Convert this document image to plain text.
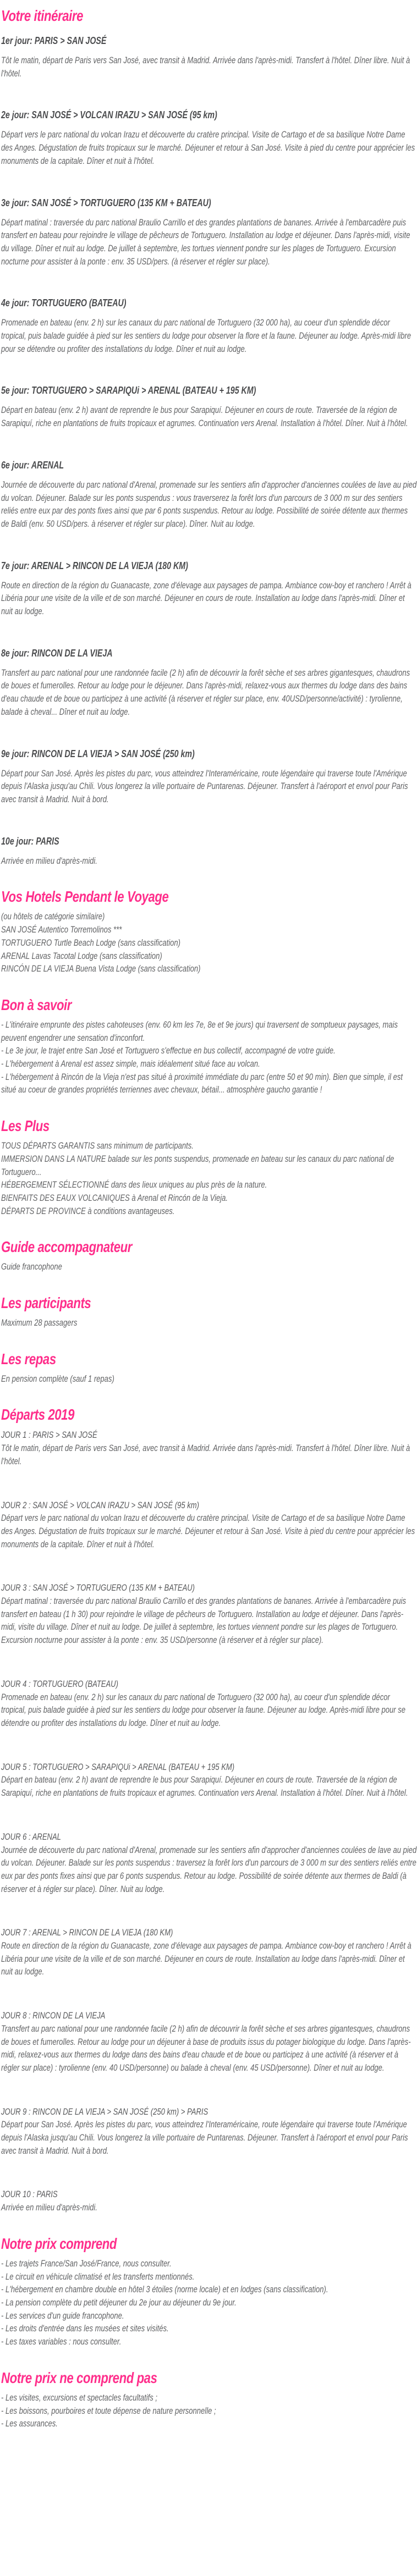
Votre itinéraire
1er jour: PARIS > SAN JOSÉ

Tôt le matin, départ de Paris vers San José, avec transit à Madrid. Arrivée dans l'après-midi. Transfert à l'hôtel. Dîner libre. Nuit à l'hôtel.

2e jour: SAN JOSÉ > VOLCAN IRAZU > SAN JOSÉ (95 km)

Départ vers le parc national du volcan Irazu et découverte du cratère principal. Visite de Cartago et de sa basilique Notre Dame des Anges. Dégustation de fruits tropicaux sur le marché. Déjeuner et retour à San José. Visite à pied du centre pour apprécier les monuments de la capitale. Dîner et nuit à l'hôtel.

3e jour: SAN JOSÉ > TORTUGUERO (135 KM + BATEAU)

Départ matinal : traversée du parc national Braulio Carrillo et des grandes plantations de bananes. Arrivée à l'embarcadère puis transfert en bateau pour rejoindre le village de pêcheurs de Tortuguero. Installation au lodge et déjeuner. Dans l'après-midi, visite du village. Dîner et nuit au lodge. De juillet à septembre, les tortues viennent pondre sur les plages de Tortuguero. Excursion nocturne pour assister à la ponte : env. 35 USD/pers. (à réserver et régler sur place).

4e jour: TORTUGUERO (BATEAU)

Promenade en bateau (env. 2 h) sur les canaux du parc national de Tortuguero (32 000 ha), au coeur d'un splendide décor tropical, puis balade guidée à pied sur les sentiers du lodge pour observer la flore et la faune. Déjeuner au lodge. Après-midi libre pour se détendre ou profiter des installations du lodge. Dîner et nuit au lodge.

5e jour: TORTUGUERO > SARAPIQUi > ARENAL (BATEAU + 195 KM)

Départ en bateau (env. 2 h) avant de reprendre le bus pour Sarapiquí. Déjeuner en cours de route. Traversée de la région de Sarapiquí, riche en plantations de fruits tropicaux et agrumes. Continuation vers Arenal. Installation à l'hôtel. Dîner. Nuit à l'hôtel.

6e jour: ARENAL

Journée de découverte du parc national d'Arenal, promenade sur les sentiers afin d'approcher d'anciennes coulées de lave au pied du volcan. Déjeuner. Balade sur les ponts suspendus : vous traverserez la forêt lors d'un parcours de 3 000 m sur des sentiers reliés entre eux par des ponts fixes ainsi que par 6 ponts suspendus. Retour au lodge. Possibilité de soirée détente aux thermes de Baldi (env. 50 USD/pers. à réserver et régler sur place). Dîner. Nuit au lodge.

7e jour: ARENAL > RINCON DE LA VIEJA (180 KM)

Route en direction de la région du Guanacaste, zone d'élevage aux paysages de pampa. Ambiance cow-boy et ranchero ! Arrêt à Libéria pour une visite de la ville et de son marché. Déjeuner en cours de route. Installation au lodge dans l'après-midi. Dîner et nuit au lodge.

8e jour: RINCON DE LA VIEJA

Transfert au parc national pour une randonnée facile (2 h) afin de découvrir la forêt sèche et ses arbres gigantesques, chaudrons de boues et fumerolles. Retour au lodge pour le déjeuner. Dans l'après-midi, relaxez-vous aux thermes du lodge dans des bains d'eau chaude et de boue ou participez à une activité (à réserver et régler sur place, env. 40USD/personne/activité) : tyrolienne, balade à cheval... Dîner et nuit au lodge.

9e jour: RINCON DE LA VIEJA > SAN JOSÉ (250 km)

Départ pour San José. Après les pistes du parc, vous atteindrez l'Interaméricaine, route légendaire qui traverse toute l'Amérique depuis l'Alaska jusqu'au Chili. Vous longerez la ville portuaire de Puntarenas. Déjeuner. Transfert à l'aéroport et envol pour Paris avec transit à Madrid. Nuit à bord.

10e jour: PARIS

Arrivée en milieu d'après-midi.

Vos Hotels Pendant le Voyage

(ou hôtels de catégorie similaire)

SAN JOSÉ Autentico Torremolinos ***

TORTUGUERO Turtle Beach Lodge (sans classification)

ARENAL Lavas Tacotal Lodge (sans classification)

RINCÓN DE LA VIEJA Buena Vista Lodge (sans classification)

Bon à savoir

- L'itinéraire emprunte des pistes cahoteuses (env. 60 km les 7e, 8e et 9e jours) qui traversent de somptueux paysages, mais peuvent engendrer une sensation d'inconfort.

- Le 3e jour, le trajet entre San José et Tortuguero s'effectue en bus collectif, accompagné de votre guide.

- L'hébergement à Arenal est assez simple, mais idéalement situé face au volcan.

- L'hébergement à Rincón de la Vieja n'est pas situé à proximité immédiate du parc (entre 50 et 90 min). Bien que simple, il est situé au coeur de grandes propriétés terriennes avec chevaux, bétail... atmosphère gaucho garantie !

Les Plus

TOUS DÉPARTS GARANTIS sans minimum de participants.

IMMERSION DANS LA NATURE balade sur les ponts suspendus, promenade en bateau sur les canaux du parc national de Tortuguero...

HÉBERGEMENT SÉLECTIONNÉ dans des lieux uniques au plus près de la nature.

BIENFAITS DES EAUX VOLCANIQUES à Arenal et Rincón de la Vieja.

DÉPARTS DE PROVINCE à conditions avantageuses.

Guide accompagnateur

Guide francophone

Les participants

Maximum 28 passagers

Les repas

En pension complète (sauf 1 repas)

Départs 2019
JOUR 1 : PARIS > SAN JOSÉ

Tôt le matin, départ de Paris vers San José, avec transit à Madrid. Arrivée dans l'après-midi. Transfert à l'hôtel. Dîner libre. Nuit à l'hôtel.

JOUR 2 : SAN JOSÉ > VOLCAN IRAZU > SAN JOSÉ (95 km)

Départ vers le parc national du volcan Irazu et découverte du cratère principal. Visite de Cartago et de sa basilique Notre Dame des Anges. Dégustation de fruits tropicaux sur le marché. Déjeuner et retour à San José. Visite à pied du centre pour apprécier les monuments de la capitale. Dîner et nuit à l'hôtel.

JOUR 3 : SAN JOSÉ > TORTUGUERO (135 KM + BATEAU)

Départ matinal : traversée du parc national Braulio Carrillo et des grandes plantations de bananes. Arrivée à l'embarcadère puis transfert en bateau (1 h 30) pour rejoindre le village de pêcheurs de Tortuguero. Installation au lodge et déjeuner. Dans l'après-midi, visite du village. Dîner et nuit au lodge. De juillet à septembre, les tortues viennent pondre sur les plages de Tortuguero. Excursion nocturne pour assister à la ponte : env. 35 USD/personne (à réserver et à régler sur place).

JOUR 4 : TORTUGUERO (BATEAU)

Promenade en bateau (env. 2 h) sur les canaux du parc national de Tortuguero (32 000 ha), au coeur d'un splendide décor tropical, puis balade guidée à pied sur les sentiers du lodge pour observer la faune. Déjeuner au lodge. Après-midi libre pour se détendre ou profiter des installations du lodge. Dîner et nuit au lodge.

JOUR 5 : TORTUGUERO > SARAPIQUi > ARENAL (BATEAU + 195 KM)

Départ en bateau (env. 2 h) avant de reprendre le bus pour Sarapiquí. Déjeuner en cours de route. Traversée de la région de Sarapiquí, riche en plantations de fruits tropicaux et agrumes. Continuation vers Arenal. Installation à l'hôtel. Dîner. Nuit à l'hôtel.

JOUR 6 : ARENAL

Journée de découverte du parc national d'Arenal, promenade sur les sentiers afin d'approcher d'anciennes coulées de lave au pied du volcan. Déjeuner. Balade sur les ponts suspendus : traversez la forêt lors d'un parcours de 3 000 m sur des sentiers reliés entre eux par des ponts fixes ainsi que par 6 ponts suspendus. Retour au lodge. Possibilité de soirée détente aux thermes de Baldi (à réserver et à régler sur place). Dîner. Nuit au lodge.

JOUR 7 : ARENAL > RINCON DE LA VIEJA (180 KM)

Route en direction de la région du Guanacaste, zone d'élevage aux paysages de pampa. Ambiance cow-boy et ranchero ! Arrêt à Libéria pour une visite de la ville et de son marché. Déjeuner en cours de route. Installation au lodge dans l'après-midi. Dîner et nuit au lodge.

JOUR 8 : RINCON DE LA VIEJA

Transfert au parc national pour une randonnée facile (2 h) afin de découvrir la forêt sèche et ses arbres gigantesques, chaudrons de boues et fumerolles. Retour au lodge pour un déjeuner à base de produits issus du potager biologique du lodge. Dans l'après-midi, relaxez-vous aux thermes du lodge dans des bains d'eau chaude et de boue ou participez à une activité (à réserver et à régler sur place) : tyrolienne (env. 40 USD/personne) ou balade à cheval (env. 45 USD/personne). Dîner et nuit au lodge.

JOUR 9 : RINCON DE LA VIEJA > SAN JOSÉ (250 km) > PARIS

Départ pour San José. Après les pistes du parc, vous atteindrez l'Interaméricaine, route légendaire qui traverse toute l'Amérique depuis l'Alaska jusqu'au Chili. Vous longerez la ville portuaire de Puntarenas. Déjeuner. Transfert à l'aéroport et envol pour Paris avec transit à Madrid. Nuit à bord.

JOUR 10 : PARIS

Arrivée en milieu d'après-midi.

Notre prix comprend

- Les trajets France/San José/France, nous consulter.

- Le circuit en véhicule climatisé et les transferts mentionnés.

- L'hébergement en chambre double en hôtel 3 étoiles (norme locale) et en lodges (sans classification).

- La pension complète du petit déjeuner du 2e jour au déjeuner du 9e jour.

- Les services d'un guide francophone.

- Les droits d'entrée dans les musées et sites visités.

- Les taxes variables : nous consulter.

Notre prix ne comprend pas

- Les visites, excursions et spectacles facultatifs ;

- Les boissons, pourboires et toute dépense de nature personnelle ;

- Les assurances.
